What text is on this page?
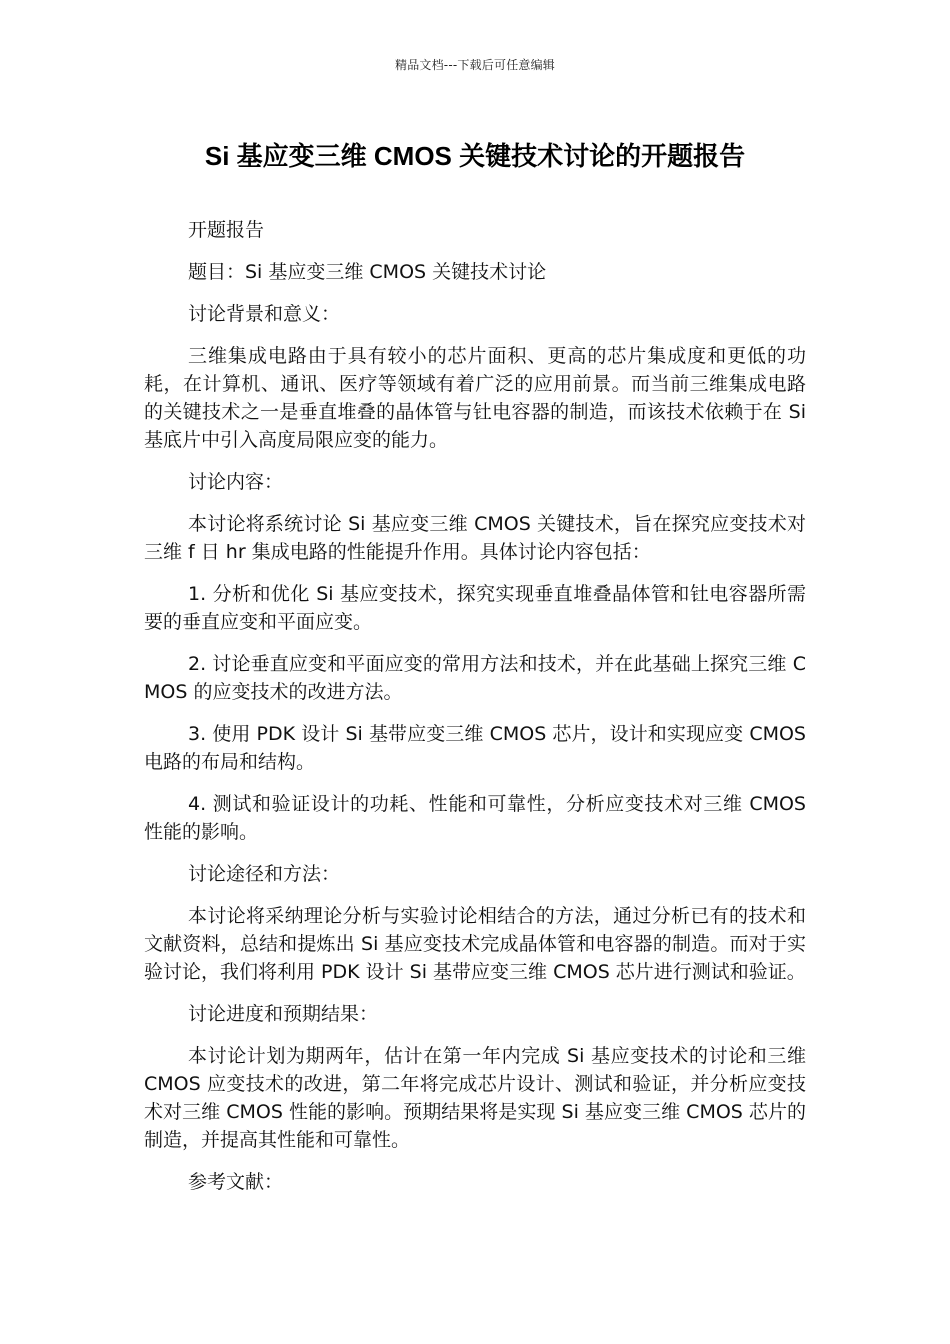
精品文档---下载后可任意编辑
Si 基应变三维 CMOS 关键技术讨论的开题报告

开题报告

题目：Si 基应变三维 CMOS 关键技术讨论

讨论背景和意义：

三维集成电路由于具有较小的芯片面积、更高的芯片集成度和更低的功耗，在计算机、通讯、医疗等领域有着广泛的应用前景。而当前三维集成电路的关键技术之一是垂直堆叠的晶体管与钍电容器的制造，而该技术依赖于在 Si 基底片中引入高度局限应变的能力。

讨论内容：

本讨论将系统讨论 Si 基应变三维 CMOS 关键技术，旨在探究应变技术对三维 f 日 hr 集成电路的性能提升作用。具体讨论内容包括：

1. 分析和优化 Si 基应变技术，探究实现垂直堆叠晶体管和钍电容器所需要的垂直应变和平面应变。

2. 讨论垂直应变和平面应变的常用方法和技术，并在此基础上探究三维 CMOS 的应变技术的改进方法。

3. 使用 PDK 设计 Si 基带应变三维 CMOS 芯片，设计和实现应变 CMOS 电路的布局和结构。

4. 测试和验证设计的功耗、性能和可靠性，分析应变技术对三维 CMOS 性能的影响。

讨论途径和方法：

本讨论将采纳理论分析与实验讨论相结合的方法，通过分析已有的技术和文献资料，总结和提炼出 Si 基应变技术完成晶体管和电容器的制造。而对于实验讨论，我们将利用 PDK 设计 Si 基带应变三维 CMOS 芯片进行测试和验证。

讨论进度和预期结果：

本讨论计划为期两年，估计在第一年内完成 Si 基应变技术的讨论和三维 CMOS 应变技术的改进，第二年将完成芯片设计、测试和验证，并分析应变技术对三维 CMOS 性能的影响。预期结果将是实现 Si 基应变三维 CMOS 芯片的制造，并提高其性能和可靠性。

参考文献：
